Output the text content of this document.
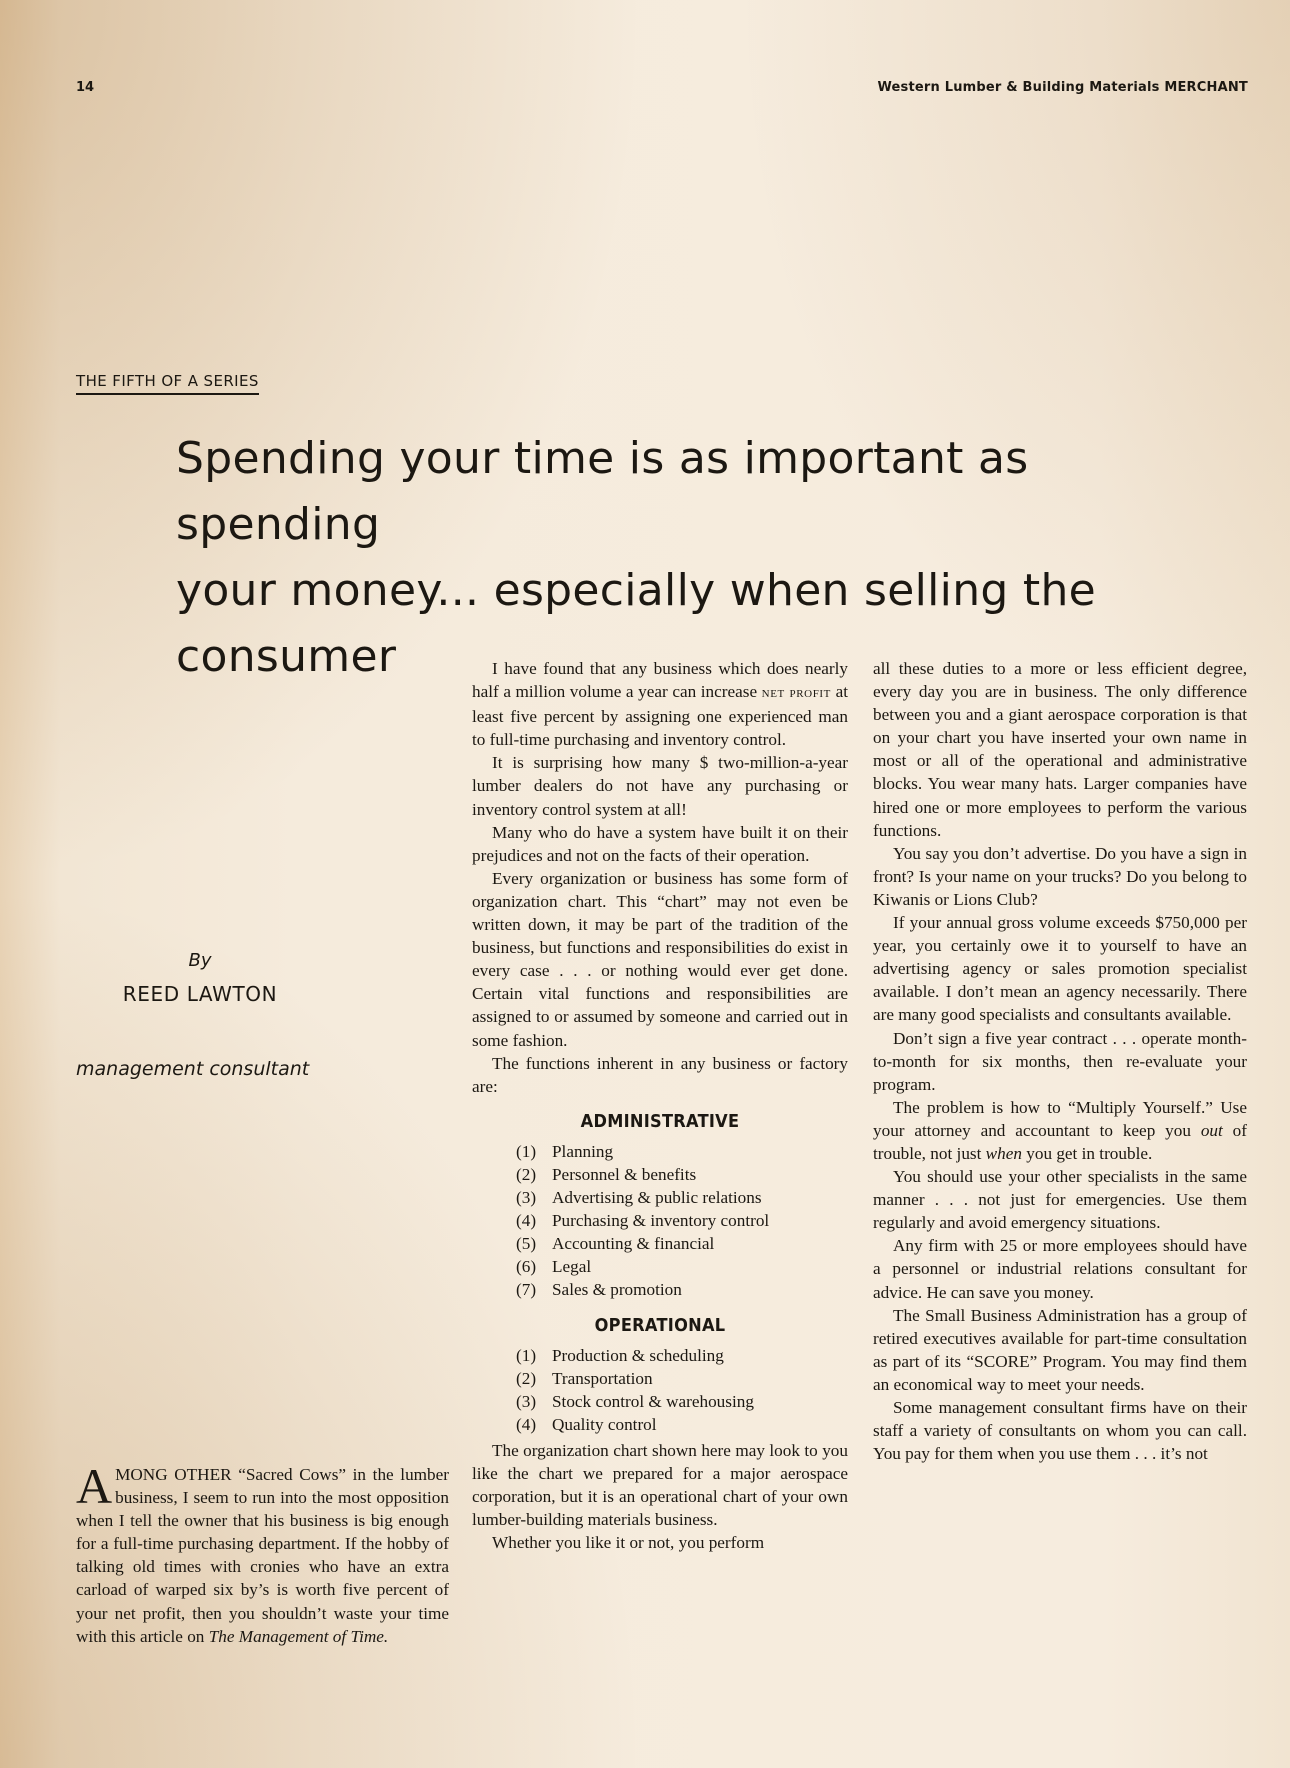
14	Western Lumber & Building Materials MERCHANT
THE FIFTH OF A SERIES
Spending your time is as important as spending
your money... especially when selling the consumer
By
REED LAWTON
management consultant

AMONG OTHER “Sacred Cows” in the lumber business, I seem to run into the most opposition when I tell the owner that his business is big enough for a full-time purchasing department. If the hobby of talking old times with cronies who have an extra carload of warped six by’s is worth five percent of your net profit, then you shouldn’t waste your time with this article on The Management of Time.

I have found that any business which does nearly half a million volume a year can increase net profit at least five percent by assigning one experienced man to full-time purchasing and inventory control.

It is surprising how many $ two-million-a-year lumber dealers do not have any purchasing or inventory control system at all!

Many who do have a system have built it on their prejudices and not on the facts of their operation.

Every organization or business has some form of organization chart. This “chart” may not even be written down, it may be part of the tradition of the business, but functions and responsibilities do exist in every case . . . or nothing would ever get done. Certain vital functions and responsibilities are assigned to or assumed by someone and carried out in some fashion.

The functions inherent in any business or factory are:

ADMINISTRATIVE
(1) Planning
(2) Personnel & benefits
(3) Advertising & public relations
(4) Purchasing & inventory control
(5) Accounting & financial
(6) Legal
(7) Sales & promotion
OPERATIONAL
(1) Production & scheduling
(2) Transportation
(3) Stock control & warehousing
(4) Quality control

The organization chart shown here may look to you like the chart we prepared for a major aerospace corporation, but it is an operational chart of your own lumber-building materials business.

Whether you like it or not, you perform

all these duties to a more or less efficient degree, every day you are in business. The only difference between you and a giant aerospace corporation is that on your chart you have inserted your own name in most or all of the operational and administrative blocks. You wear many hats. Larger companies have hired one or more employees to perform the various functions.

You say you don’t advertise. Do you have a sign in front? Is your name on your trucks? Do you belong to Kiwanis or Lions Club?

If your annual gross volume exceeds $750,000 per year, you certainly owe it to yourself to have an advertising agency or sales promotion specialist available. I don’t mean an agency necessarily. There are many good specialists and consultants available.

Don’t sign a five year contract . . . operate month-to-month for six months, then re-evaluate your program.

The problem is how to “Multiply Yourself.” Use your attorney and accountant to keep you out of trouble, not just when you get in trouble.

You should use your other specialists in the same manner . . . not just for emergencies. Use them regularly and avoid emergency situations.

Any firm with 25 or more employees should have a personnel or industrial relations consultant for advice. He can save you money.

The Small Business Administration has a group of retired executives available for part-time consultation as part of its “SCORE” Program. You may find them an economical way to meet your needs.

Some management consultant firms have on their staff a variety of consultants on whom you can call. You pay for them when you use them . . . it’s not
